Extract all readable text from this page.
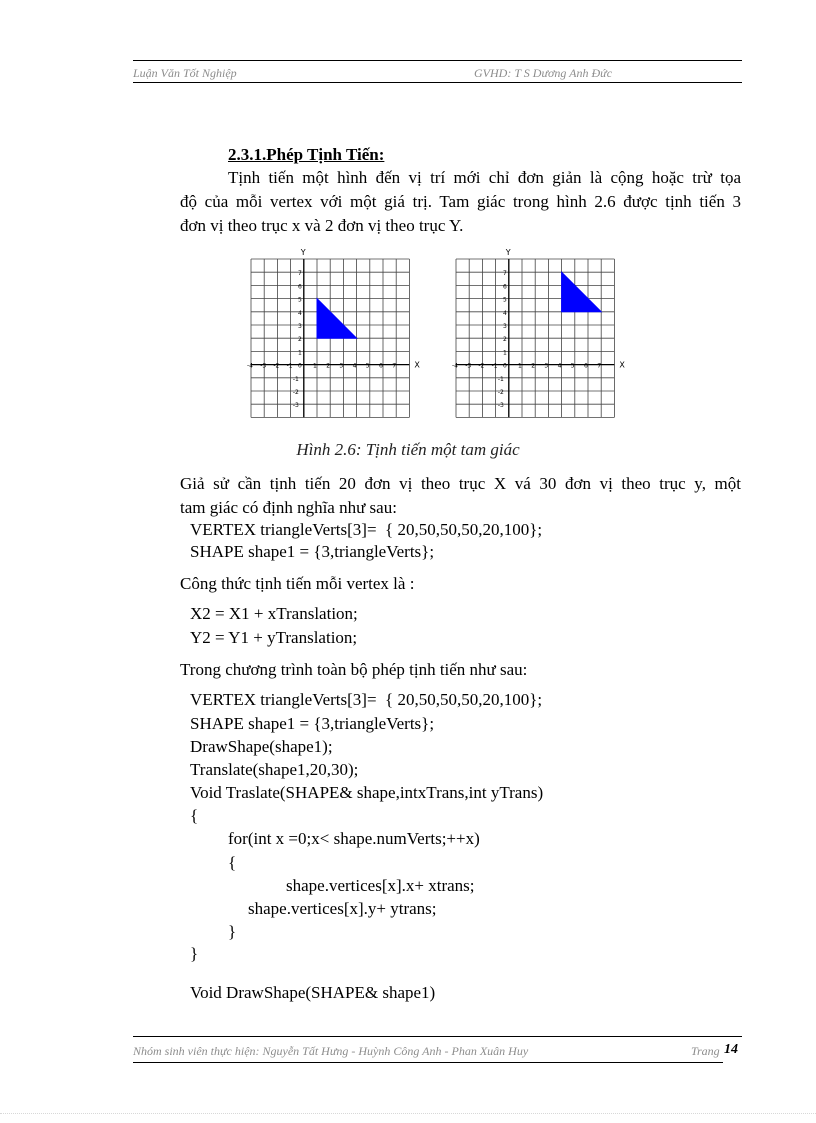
Luận Văn Tốt Nghiệp	GVHD: T S Dương Anh Đức
2.3.1.Phép Tịnh Tiến:
Tịnh tiến một hình đến vị trí mới chỉ đơn giản là cộng hoặc trừ tọa
độ của mỗi vertex với một giá trị. Tam giác trong hình 2.6 được tịnh tiến 3
đơn vị theo trục x và 2 đơn vị theo trục Y.
Y
X
7
6
5
4
3
2
1
0
-1
-2
-3
-4 -3 -2 -1	1 2 3 4 5 6 7
Y
X
7
6
5
4
3
2
1
0
-1
-2
-3
-4 -3 -2 -1	1 2 3 4 5 6 7
Hình 2.6: Tịnh tiến một tam giác
Giả sử cần tịnh tiến 20 đơn vị theo trục X vá 30 đơn vị theo trục y, một
tam giác có định nghĩa như sau:
VERTEX triangleVerts[3]=  { 20,50,50,50,20,100};
SHAPE shape1 = {3,triangleVerts};
Công thức tịnh tiến mỗi vertex là :
X2 = X1 + xTranslation;
Y2 = Y1 + yTranslation;
Trong chương trình toàn bộ phép tịnh tiến như sau:
VERTEX triangleVerts[3]=  { 20,50,50,50,20,100};
SHAPE shape1 = {3,triangleVerts};
DrawShape(shape1);
Translate(shape1,20,30);
Void Traslate(SHAPE& shape,intxTrans,int yTrans)
{
for(int x =0;x< shape.numVerts;++x)
{
shape.vertices[x].x+ xtrans;
shape.vertices[x].y+ ytrans;
}
}
Void DrawShape(SHAPE& shape1)
Nhóm sinh viên thực hiện: Nguyễn Tất Hưng - Huỳnh Công Anh - Phan Xuân Huy	Trang 14
